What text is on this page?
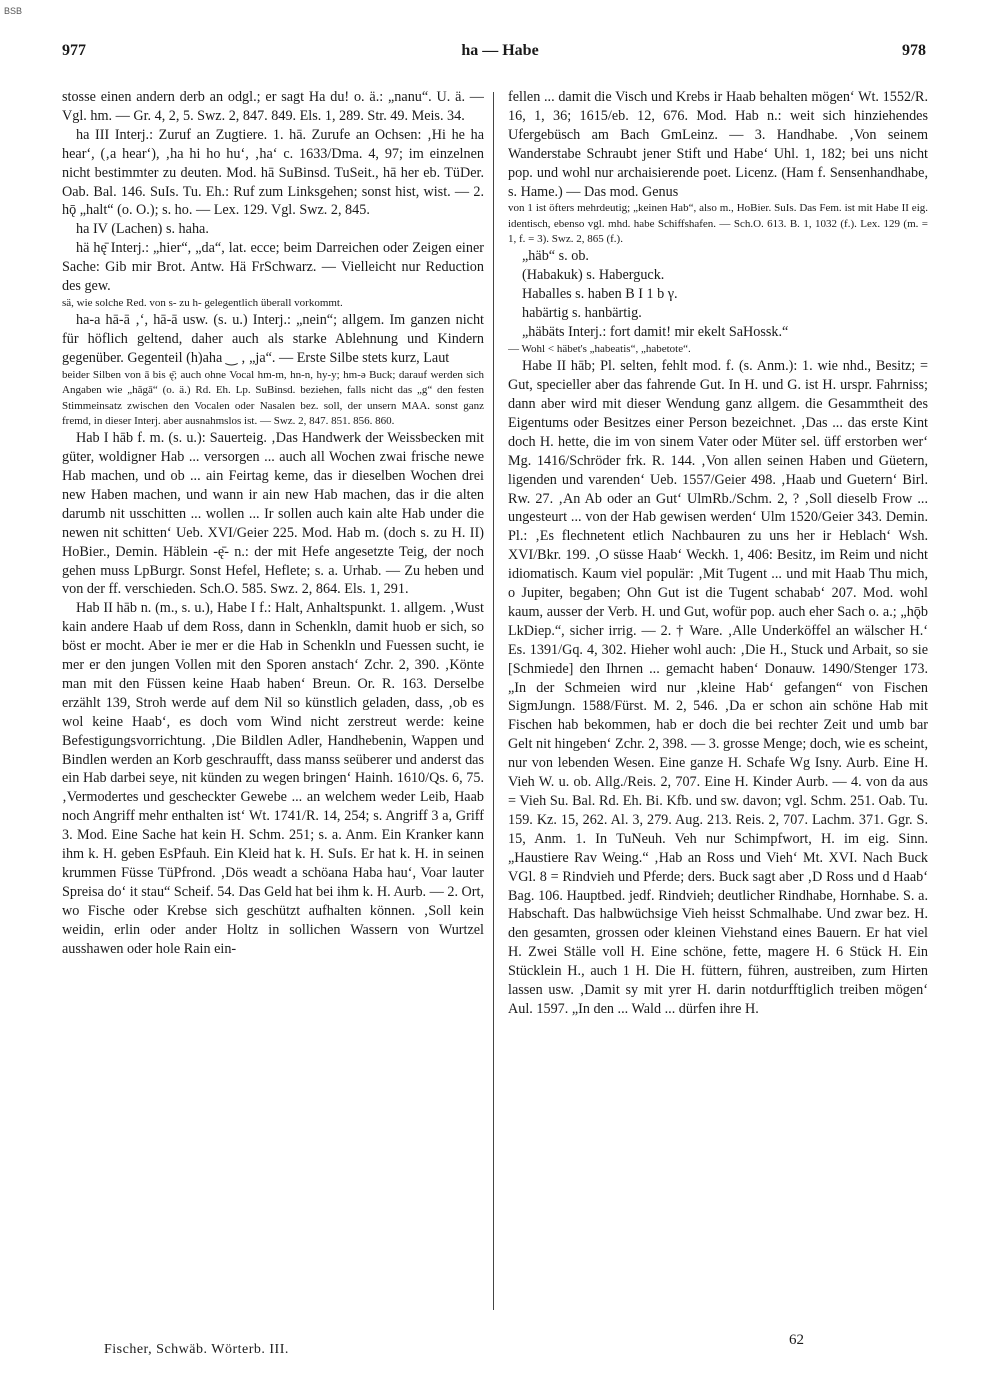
BSB
977	ha — Habe	978

stosse einen andern derb an odgl.; er sagt Ha du! o. ä.: „nanu“. U. ä. — Vgl. hm. — Gr. 4, 2, 5. Swz. 2, 847. 849. Els. 1, 289. Str. 49. Meis. 34.

ha III Interj.: Zuruf an Zugtiere. 1. hā. Zurufe an Ochsen: ‚Hi he ha hear‘, (‚a hear‘), ‚ha hi ho hu‘, ‚ha‘ c. 1633/Dma. 4, 97; im einzelnen nicht bestimmter zu deuten. Mod. hā SuBinsd. TuSeit., hā her eb. TüDer. Oab. Bal. 146. SuIs. Tu. Eh.: Ruf zum Linksgehen; sonst hist, wist. — 2. hǭ „halt“ (o. O.); s. ho. — Lex. 129. Vgl. Swz. 2, 845.

ha IV (Lachen) s. haha.

hä hę̄ Interj.: „hier“, „da“, lat. ecce; beim Darreichen oder Zeigen einer Sache: Gib mir Brot. Antw. Hä FrSchwarz. — Vielleicht nur Reduction des gew.

sä, wie solche Red. von s- zu h- gelegentlich überall vorkommt.

ha-a hā-ā ‚‘, hā-ā usw. (s. u.) Interj.: „nein“; allgem. Im ganzen nicht für höflich geltend, daher auch als starke Ablehnung und Kindern gegenüber. Gegenteil (h)aha ‿ ‚ „ja“. — Erste Silbe stets kurz, Laut

beider Silben von ā bis ę̄; auch ohne Vocal hm-m, hn-n, hy-y; hm-ə Buck; darauf werden sich Angaben wie „hăgā“ (o. ä.) Rd. Eh. Lp. SuBinsd. beziehen, falls nicht das „g“ den festen Stimmeinsatz zwischen den Vocalen oder Nasalen bez. soll, der unsern MAA. sonst ganz fremd, in dieser Interj. aber ausnahmslos ist. — Swz. 2, 847. 851. 856. 860.

Hab I hāb f. m. (s. u.): Sauerteig. ‚Das Handwerk der Weissbecken mit güter, woldigner Hab ... versorgen ... auch all Wochen zwai frische newe Hab machen, und ob ... ain Feirtag keme, das ir dieselben Wochen drei new Haben machen, und wann ir ain new Hab machen, das ir die alten darumb nit usschitten ... wollen ... Ir sollen auch kain alte Hab under die newen nit schitten‘ Ueb. XVI/Geier 225. Mod. Hab m. (doch s. zu H. II) HoBier., Demin. Häblein -ę̄- n.: der mit Hefe angesetzte Teig, der noch gehen muss LpBurgr. Sonst Hefel, Heflete; s. a. Urhab. — Zu heben und von der ff. verschieden. Sch.O. 585. Swz. 2, 864. Els. 1, 291.

Hab II hāb n. (m., s. u.), Habe I f.: Halt, Anhaltspunkt. 1. allgem. ‚Wust kain andere Haab uf dem Ross, dann in Schenkln, damit huob er sich, so böst er mocht. Aber ie mer er die Hab in Schenkln und Fuessen sucht, ie mer er den jungen Vollen mit den Sporen anstach‘ Zchr. 2, 390. ‚Könte man mit den Füssen keine Haab haben‘ Breun. Or. R. 163. Derselbe erzählt 139, Stroh werde auf dem Nil so künstlich geladen, dass, ‚ob es wol keine Haab‘, es doch vom Wind nicht zerstreut werde: keine Befestigungsvorrichtung. ‚Die Bildlen Adler, Handhebenin, Wappen und Bindlen werden an Korb geschraufft, dass manss seüberer und anderst das ein Hab darbei seye, nit künden zu wegen bringen‘ Hainh. 1610/Qs. 6, 75. ‚Vermodertes und gescheckter Gewebe ... an welchem weder Leib, Haab noch Angriff mehr enthalten ist‘ Wt. 1741/R. 14, 254; s. Angriff 3 a, Griff 3. Mod. Eine Sache hat kein H. Schm. 251; s. a. Anm. Ein Kranker kann ihm k. H. geben EsPfauh. Ein Kleid hat k. H. SuIs. Er hat k. H. in seinen krummen Füsse TüPfrond. ‚Dös weadt a schöana Haba hau‘, Voar lauter Spreisa do‘ it stau“ Scheif. 54. Das Geld hat bei ihm k. H. Aurb. — 2. Ort, wo Fische oder Krebse sich geschützt aufhalten können. ‚Soll kein weidin, erlin oder ander Holtz in sollichen Wassern von Wurtzel ausshawen oder hole Rain ein-

fellen ... damit die Visch und Krebs ir Haab behalten mögen‘ Wt. 1552/R. 16, 1, 36; 1615/eb. 12, 676. Mod. Hab n.: weit sich hinziehendes Ufergebüsch am Bach GmLeinz. — 3. Handhabe. ‚Von seinem Wanderstabe Schraubt jener Stift und Habe‘ Uhl. 1, 182; bei uns nicht pop. und wohl nur archaisierende poet. Licenz. (Ham f. Sensenhandhabe, s. Hame.) — Das mod. Genus

von 1 ist öfters mehrdeutig; „keinen Hab“, also m., HoBier. SuIs. Das Fem. ist mit Habe II eig. identisch, ebenso vgl. mhd. habe Schiffshafen. — Sch.O. 613. B. 1, 1032 (f.). Lex. 129 (m. = 1, f. = 3). Swz. 2, 865 (f.).

„häb“ s. ob.

(Habakuk) s. Haberguck.

Haballes s. haben B I 1 b γ.

habärtig s. hanbärtig.

„häbäts Interj.: fort damit! mir ekelt SaHossk.“

— Wohl < häbet's „habeatis“, „habetote“.

Habe II hāb; Pl. selten, fehlt mod. f. (s. Anm.): 1. wie nhd., Besitz; = Gut, specieller aber das fahrende Gut. In H. und G. ist H. urspr. Fahrniss; dann aber wird mit dieser Wendung ganz allgem. die Gesammtheit des Eigentums oder Besitzes einer Person bezeichnet. ‚Das ... das erste Kint doch H. hette, die im von sinem Vater oder Müter sel. üff erstorben wer‘ Mg. 1416/Schröder frk. R. 144. ‚Von allen seinen Haben und Güetern, ligenden und varenden‘ Ueb. 1557/Geier 498. ‚Haab und Guetern‘ Birl. Rw. 27. ‚An Ab oder an Gut‘ UlmRb./Schm. 2, ? ‚Soll dieselb Frow ... ungesteurt ... von der Hab gewisen werden‘ Ulm 1520/Geier 343. Demin. Pl.: ‚Es flechnetent etlich Nachbauren zu uns her ir Heblach‘ Wsh. XVI/Bkr. 199. ‚O süsse Haab‘ Weckh. 1, 406: Besitz, im Reim und nicht idiomatisch. Kaum viel populär: ‚Mit Tugent ... und mit Haab Thu mich, o Jupiter, begaben; Ohn Gut ist die Tugent schabab‘ 207. Mod. wohl kaum, ausser der Verb. H. und Gut, wofür pop. auch eher Sach o. a.; „hǭb LkDiep.“, sicher irrig. — 2. † Ware. ‚Alle Underköffel an wälscher H.‘ Es. 1391/Gq. 4, 302. Hieher wohl auch: ‚Die H., Stuck und Arbait, so sie [Schmiede] den Ihrnen ... gemacht haben‘ Donauw. 1490/Stenger 173. „In der Schmeien wird nur ‚kleine Hab‘ gefangen“ von Fischen SigmJungn. 1588/Fürst. M. 2, 546. ‚Da er schon ain schöne Hab mit Fischen hab bekommen, hab er doch die bei rechter Zeit und umb bar Gelt nit hingeben‘ Zchr. 2, 398. — 3. grosse Menge; doch, wie es scheint, nur von lebenden Wesen. Eine ganze H. Schafe Wg Isny. Aurb. Eine H. Vieh W. u. ob. Allg./Reis. 2, 707. Eine H. Kinder Aurb. — 4. von da aus = Vieh Su. Bal. Rd. Eh. Bi. Kfb. und sw. davon; vgl. Schm. 251. Oab. Tu. 159. Kz. 15, 262. Al. 3, 279. Aug. 213. Reis. 2, 707. Lachm. 371. Ggr. S. 15, Anm. 1. In TuNeuh. Veh nur Schimpfwort, H. im eig. Sinn. „Haustiere Rav Weing.“ ‚Hab an Ross und Vieh‘ Mt. XVI. Nach Buck VGl. 8 = Rindvieh und Pferde; ders. Buck sagt aber ‚D Ross und d Haab‘ Bag. 106. Hauptbed. jedf. Rindvieh; deutlicher Rindhabe, Hornhabe. S. a. Habschaft. Das halbwüchsige Vieh heisst Schmalhabe. Und zwar bez. H. den gesamten, grossen oder kleinen Viehstand eines Bauern. Er hat viel H. Zwei Ställe voll H. Eine schöne, fette, magere H. 6 Stück H. Ein Stücklein H., auch 1 H. Die H. füttern, führen, austreiben, zum Hirten lassen usw. ‚Damit sy mit yrer H. darin notdurfftiglich treiben mögen‘ Aul. 1597. „In den ... Wald ... dürfen ihre H.

Fischer, Schwäb. Wörterb. III.
62
